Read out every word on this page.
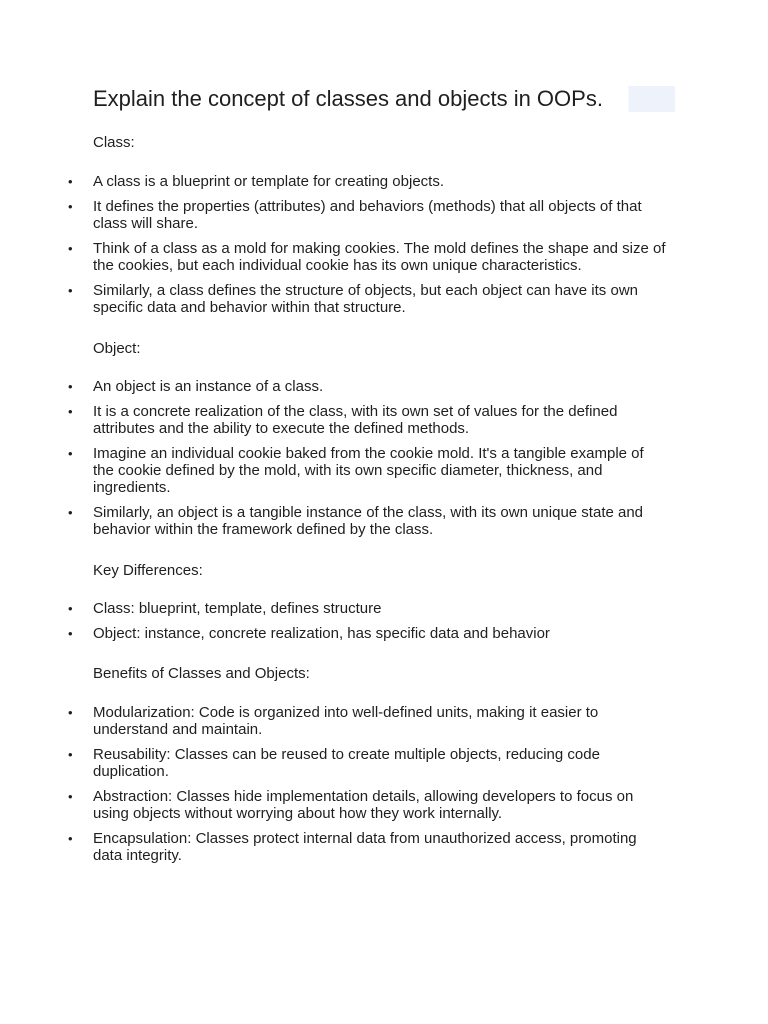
Explain the concept of classes and objects in OOPs.

Class:

• A class is a blueprint or template for creating objects.
• It defines the properties (attributes) and behaviors (methods) that all objects of that class will share.
• Think of a class as a mold for making cookies. The mold defines the shape and size of the cookies, but each individual cookie has its own unique characteristics.
• Similarly, a class defines the structure of objects, but each object can have its own specific data and behavior within that structure.

Object:

• An object is an instance of a class.
• It is a concrete realization of the class, with its own set of values for the defined attributes and the ability to execute the defined methods.
• Imagine an individual cookie baked from the cookie mold. It's a tangible example of the cookie defined by the mold, with its own specific diameter, thickness, and ingredients.
• Similarly, an object is a tangible instance of the class, with its own unique state and behavior within the framework defined by the class.

Key Differences:

• Class: blueprint, template, defines structure
• Object: instance, concrete realization, has specific data and behavior

Benefits of Classes and Objects:

• Modularization: Code is organized into well-defined units, making it easier to understand and maintain.
• Reusability: Classes can be reused to create multiple objects, reducing code duplication.
• Abstraction: Classes hide implementation details, allowing developers to focus on using objects without worrying about how they work internally.
• Encapsulation: Classes protect internal data from unauthorized access, promoting data integrity.
